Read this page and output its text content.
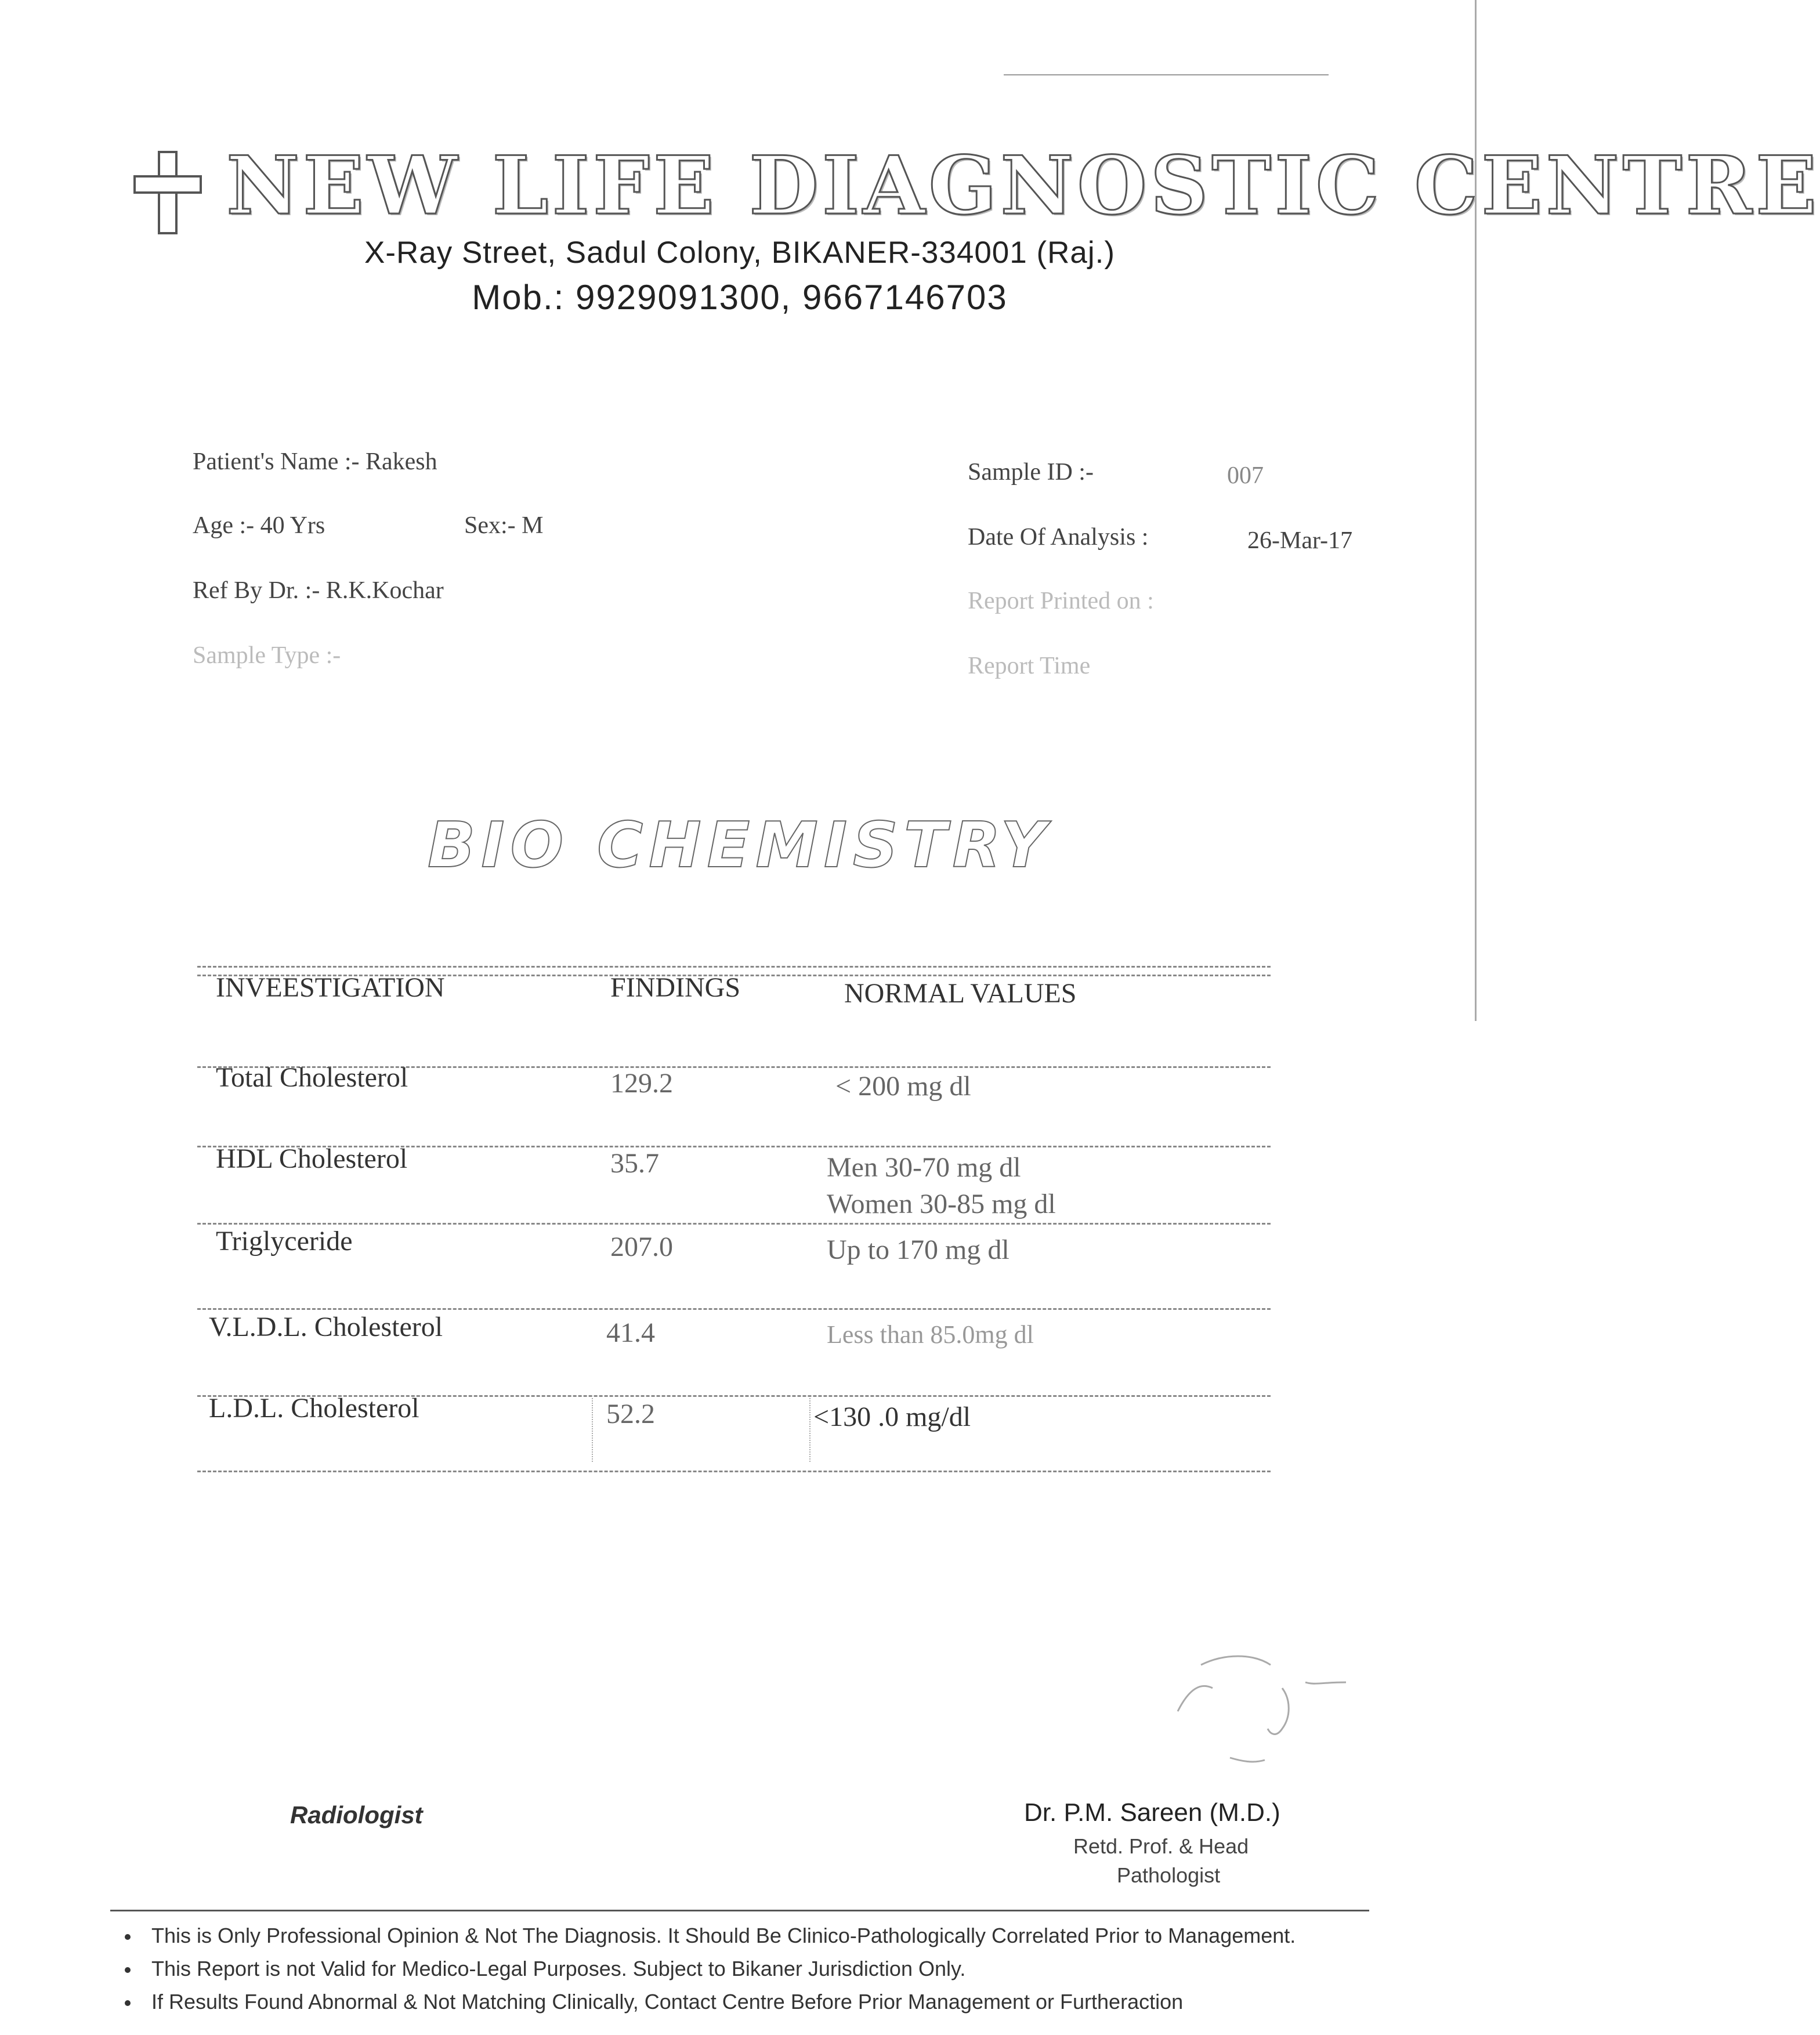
NEW LIFE DIAGNOSTIC CENTRE
X-Ray Street, Sadul Colony, BIKANER-334001 (Raj.)
Mob.: 9929091300, 9667146703
Patient's Name :- Rakesh
Age :- 40 Yrs	Sex:- M
Ref By Dr. :- R.K.Kochar
Sample Type :-
Sample ID :-	007
Date Of Analysis :	26-Mar-17
Report Printed on :
Report Time
BIO CHEMISTRY
INVEESTIGATION	FINDINGS	NORMAL VALUES
Total Cholesterol	129.2	< 200 mg dl
HDL Cholesterol	35.7	Men 30-70 mg dl
Women 30-85 mg dl
Triglyceride	207.0	Up to 170 mg dl
V.L.D.L. Cholesterol	41.4	Less than 85.0mg dl
L.D.L. Cholesterol	52.2	<130 .0 mg/dl
Radiologist	Dr. P.M. Sareen (M.D.)
Retd. Prof. & Head
Pathologist
This is Only Professional Opinion & Not The Diagnosis. It Should Be Clinico-Pathologically Correlated Prior to Management.
This Report is not Valid for Medico-Legal Purposes. Subject to Bikaner Jurisdiction Only.
If Results Found Abnormal & Not Matching Clinically, Contact Centre Before Prior Management or Furtheraction
